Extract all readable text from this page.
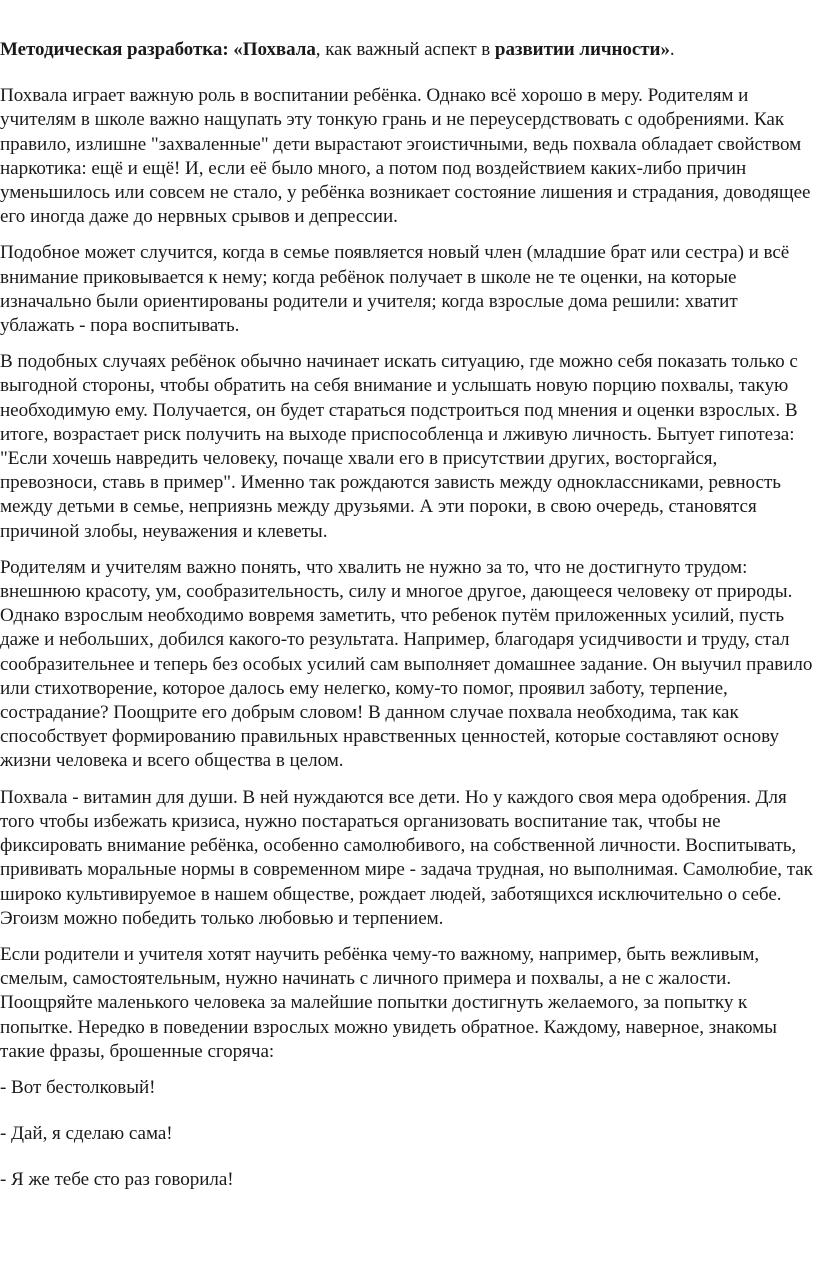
Методическая разработка: «Похвала, как важный аспект в развитии личности».

Похвала играет важную роль в воспитании ребёнка. Однако всё хорошо в меру. Родителям и учителям в школе важно нащупать эту тонкую грань и не переусердствовать с одобрениями. Как правило, излишне "захваленные" дети вырастают эгоистичными, ведь похвала обладает свойством наркотика: ещё и ещё! И, если её было много, а потом под воздействием каких-либо причин уменьшилось или совсем не стало, у ребёнка возникает состояние лишения и страдания, доводящее его иногда даже до нервных срывов и депрессии.

Подобное может случится, когда в семье появляется новый член (младшие брат или сестра) и всё внимание приковывается к нему; когда ребёнок получает в школе не те оценки, на которые изначально были ориентированы родители и учителя; когда взрослые дома решили: хватит ублажать - пора воспитывать.

В подобных случаях ребёнок обычно начинает искать ситуацию, где можно себя показать только с выгодной стороны, чтобы обратить на себя внимание и услышать новую порцию похвалы, такую необходимую ему. Получается, он будет стараться подстроиться под мнения и оценки взрослых. В итоге, возрастает риск получить на выходе приспособленца и лживую личность. Бытует гипотеза: "Если хочешь навредить человеку, почаще хвали его в присутствии других, восторгайся, превозноси, ставь в пример". Именно так рождаются зависть между одноклассниками, ревность между детьми в семье, неприязнь между друзьями. А эти пороки, в свою очередь, становятся причиной злобы, неуважения и клеветы.

Родителям и учителям важно понять, что хвалить не нужно за то, что не достигнуто трудом: внешнюю красоту, ум, сообразительность, силу и многое другое, дающееся человеку от природы. Однако взрослым необходимо вовремя заметить, что ребенок путём приложенных усилий, пусть даже и небольших, добился какого-то результата. Например, благодаря усидчивости и труду, стал сообразительнее и теперь без особых усилий сам выполняет домашнее задание. Он выучил правило или стихотворение, которое далось ему нелегко, кому-то помог, проявил заботу, терпение, сострадание? Поощрите его добрым словом! В данном случае похвала необходима, так как способствует формированию правильных нравственных ценностей, которые составляют основу жизни человека и всего общества в целом.

Похвала - витамин для души. В ней нуждаются все дети. Но у каждого своя мера одобрения. Для того чтобы избежать кризиса, нужно постараться организовать воспитание так, чтобы не фиксировать внимание ребёнка, особенно самолюбивого, на собственной личности. Воспитывать, прививать моральные нормы в современном мире - задача трудная, но выполнимая. Самолюбие, так широко культивируемое в нашем обществе, рождает людей, заботящихся исключительно о себе. Эгоизм можно победить только любовью и терпением.

Если родители и учителя хотят научить ребёнка чему-то важному, например, быть вежливым, смелым, самостоятельным, нужно начинать с личного примера и похвалы, а не с жалости. Поощряйте маленького человека за малейшие попытки достигнуть желаемого, за попытку к попытке. Нередко в поведении взрослых можно увидеть обратное. Каждому, наверное, знакомы такие фразы, брошенные сгоряча:

- Вот бестолковый!

- Дай, я сделаю сама!

- Я же тебе сто раз говорила!
